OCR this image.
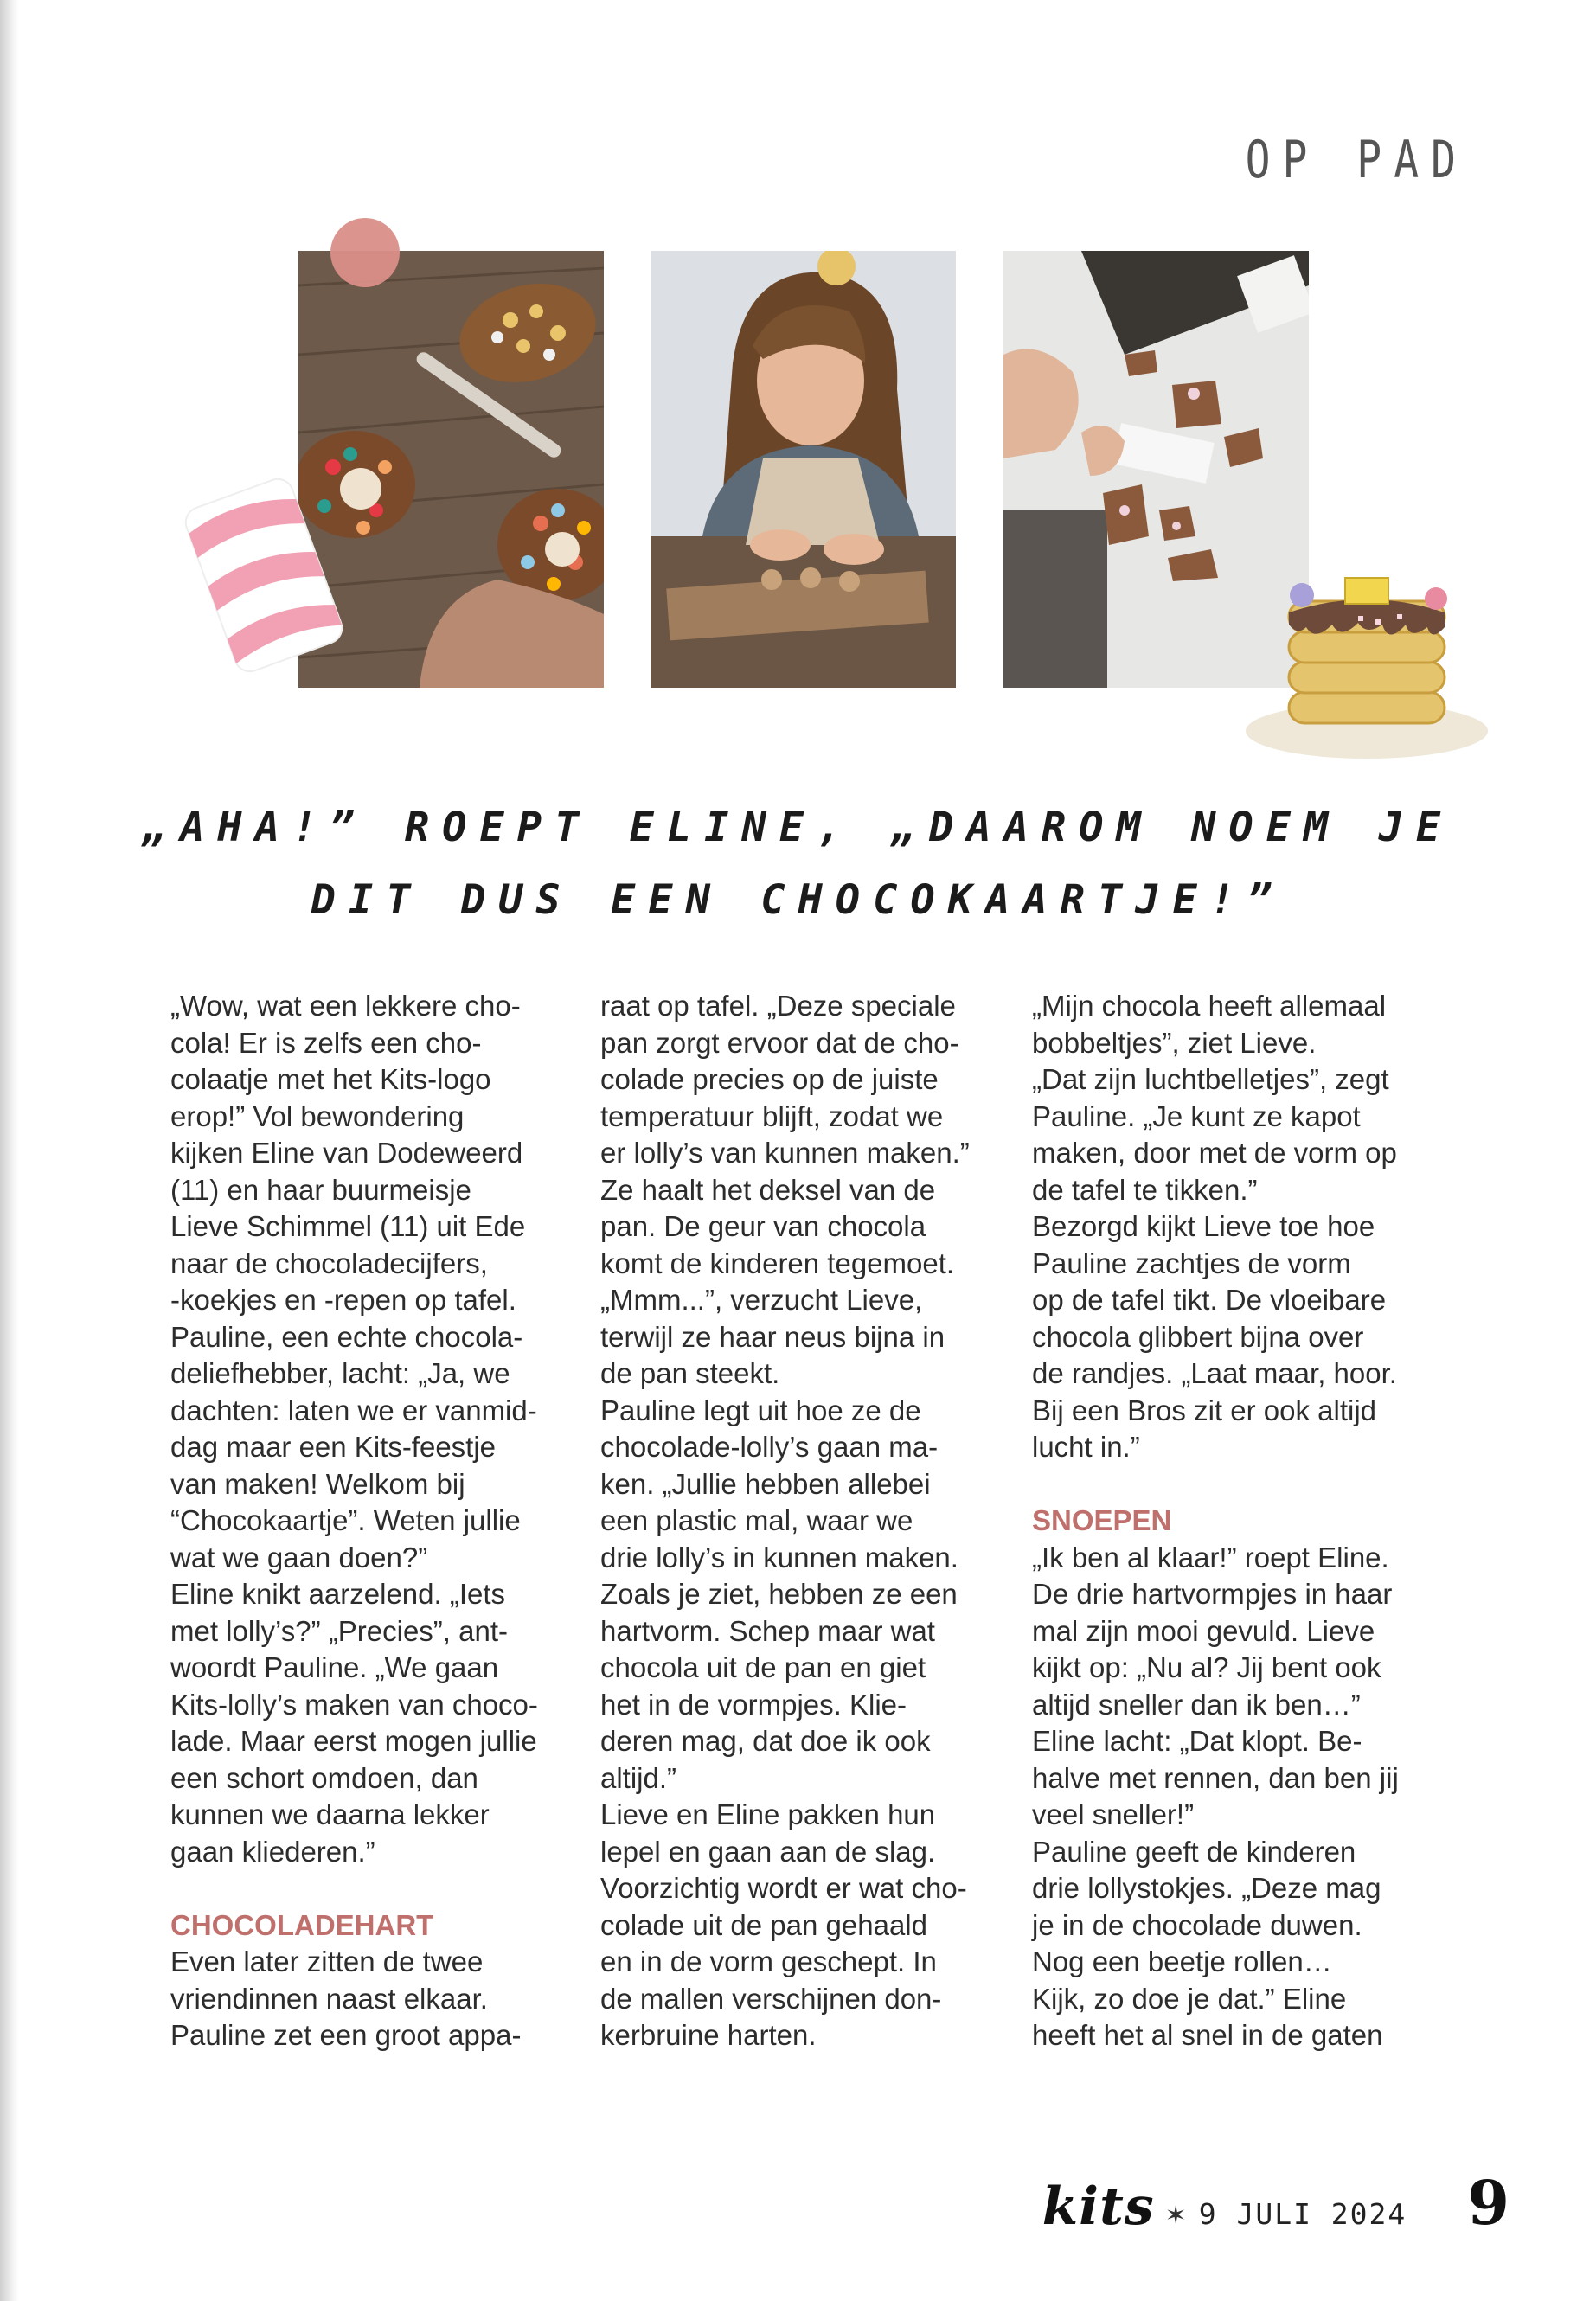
OP PAD
„AHA!” ROEPT ELINE, „DAAROM NOEM JE
DIT DUS EEN CHOCOKAARTJE!”

„Wow, wat een lekkere cho-
cola! Er is zelfs een cho-
colaatje met het Kits-logo
erop!” Vol bewondering
kijken Eline van Dodeweerd
(11) en haar buurmeisje
Lieve Schimmel (11) uit Ede
naar de chocoladecijfers,
-koekjes en -repen op tafel.
Pauline, een echte chocola-
deliefhebber, lacht: „Ja, we
dachten: laten we er vanmid-
dag maar een Kits-feestje
van maken! Welkom bij
“Chocokaartje”. Weten jullie
wat we gaan doen?”
Eline knikt aarzelend. „Iets
met lolly’s?” „Precies”, ant-
woordt Pauline. „We gaan
Kits-lolly’s maken van choco-
lade. Maar eerst mogen jullie
een schort omdoen, dan
kunnen we daarna lekker
gaan kliederen.”

CHOCOLADEHART

Even later zitten de twee
vriendinnen naast elkaar.
Pauline zet een groot appa-

raat op tafel. „Deze speciale
pan zorgt ervoor dat de cho-
colade precies op de juiste
temperatuur blijft, zodat we
er lolly’s van kunnen maken.”
Ze haalt het deksel van de
pan. De geur van chocola
komt de kinderen tegemoet.
„Mmm...”, verzucht Lieve,
terwijl ze haar neus bijna in
de pan steekt.
Pauline legt uit hoe ze de
chocolade-lolly’s gaan ma-
ken. „Jullie hebben allebei
een plastic mal, waar we
drie lolly’s in kunnen maken.
Zoals je ziet, hebben ze een
hartvorm. Schep maar wat
chocola uit de pan en giet
het in de vormpjes. Klie-
deren mag, dat doe ik ook
altijd.”
Lieve en Eline pakken hun
lepel en gaan aan de slag.
Voorzichtig wordt er wat cho-
colade uit de pan gehaald
en in de vorm geschept. In
de mallen verschijnen don-
kerbruine harten.

„Mijn chocola heeft allemaal
bobbeltjes”, ziet Lieve.
„Dat zijn luchtbelletjes”, zegt
Pauline. „Je kunt ze kapot
maken, door met de vorm op
de tafel te tikken.”
Bezorgd kijkt Lieve toe hoe
Pauline zachtjes de vorm
op de tafel tikt. De vloeibare
chocola glibbert bijna over
de randjes. „Laat maar, hoor.
Bij een Bros zit er ook altijd
lucht in.”

SNOEPEN

„Ik ben al klaar!” roept Eline.
De drie hartvormpjes in haar
mal zijn mooi gevuld. Lieve
kijkt op: „Nu al? Jij bent ook
altijd sneller dan ik ben…”
Eline lacht: „Dat klopt. Be-
halve met rennen, dan ben jij
veel sneller!”
Pauline geeft de kinderen
drie lollystokjes. „Deze mag
je in de chocolade duwen.
Nog een beetje rollen…
Kijk, zo doe je dat.” Eline
heeft het al snel in de gaten

kits ✶ 9 JULI 2024 9
